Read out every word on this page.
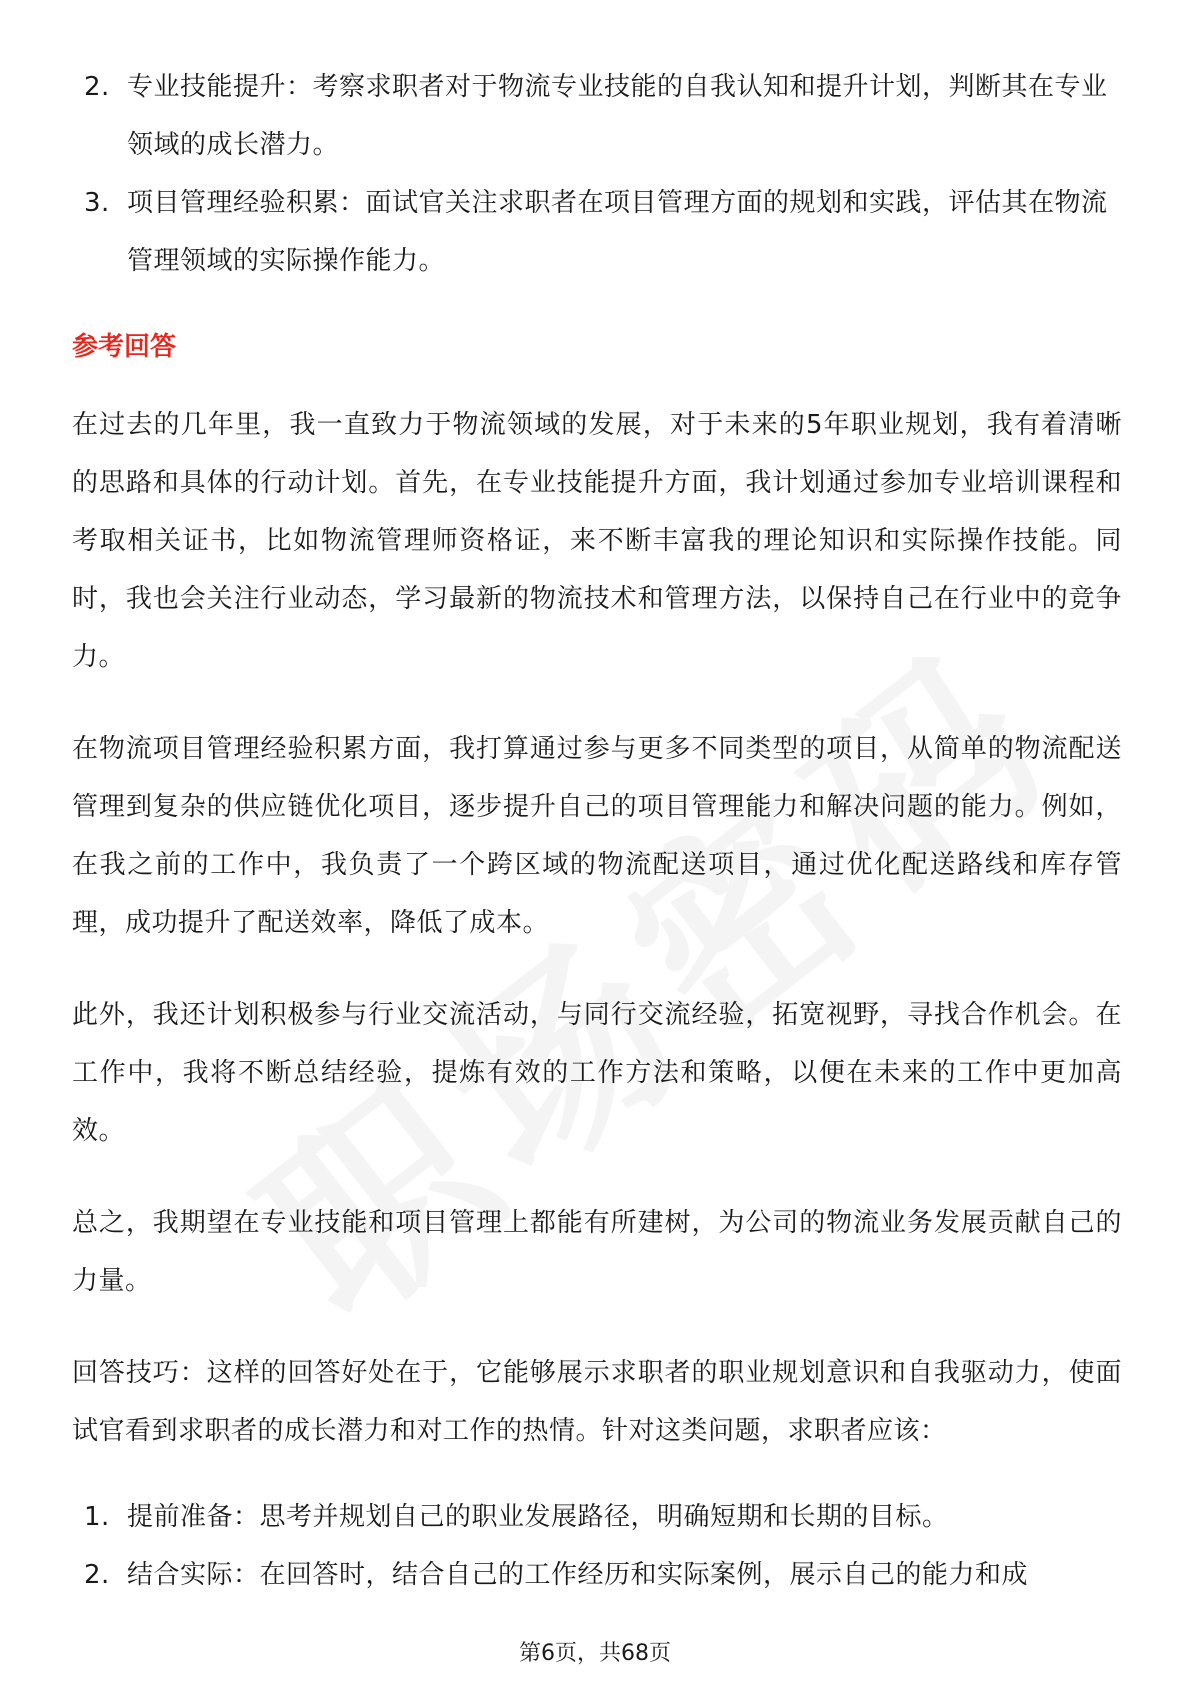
2. 专业技能提升：考察求职者对于物流专业技能的自我认知和提升计划，判断其在专业领域的成长潜力。
3. 项目管理经验积累：面试官关注求职者在项目管理方面的规划和实践，评估其在物流管理领域的实际操作能力。
参考回答

在过去的几年里，我一直致力于物流领域的发展，对于未来的5年职业规划，我有着清晰的思路和具体的行动计划。首先，在专业技能提升方面，我计划通过参加专业培训课程和考取相关证书，比如物流管理师资格证，来不断丰富我的理论知识和实际操作技能。同时，我也会关注行业动态，学习最新的物流技术和管理方法，以保持自己在行业中的竞争力。

在物流项目管理经验积累方面，我打算通过参与更多不同类型的项目，从简单的物流配送管理到复杂的供应链优化项目，逐步提升自己的项目管理能力和解决问题的能力。例如，在我之前的工作中，我负责了一个跨区域的物流配送项目，通过优化配送路线和库存管理，成功提升了配送效率，降低了成本。

此外，我还计划积极参与行业交流活动，与同行交流经验，拓宽视野，寻找合作机会。在工作中，我将不断总结经验，提炼有效的工作方法和策略，以便在未来的工作中更加高效。

总之，我期望在专业技能和项目管理上都能有所建树，为公司的物流业务发展贡献自己的力量。

回答技巧：这样的回答好处在于，它能够展示求职者的职业规划意识和自我驱动力，使面试官看到求职者的成长潜力和对工作的热情。针对这类问题，求职者应该：

1. 提前准备：思考并规划自己的职业发展路径，明确短期和长期的目标。
2. 结合实际：在回答时，结合自己的工作经历和实际案例，展示自己的能力和成
第6页，共68页
